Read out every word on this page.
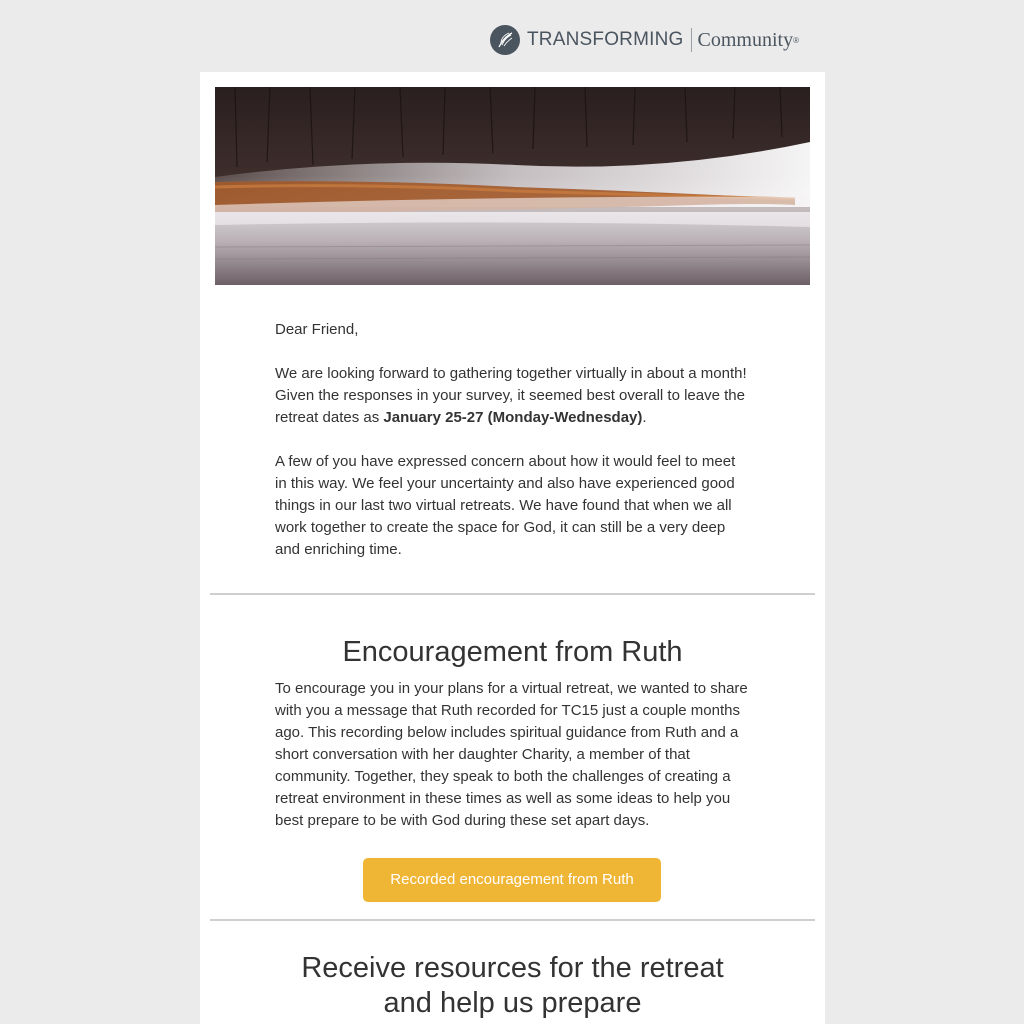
TRANSFORMING Community ®

Dear Friend,

We are looking forward to gathering together virtually in about a month! Given the responses in your survey, it seemed best overall to leave the retreat dates as January 25-27 (Monday-Wednesday).

A few of you have expressed concern about how it would feel to meet in this way. We feel your uncertainty and also have experienced good things in our last two virtual retreats. We have found that when we all work together to create the space for God, it can still be a very deep and enriching time.

Encouragement from Ruth

To encourage you in your plans for a virtual retreat, we wanted to share with you a message that Ruth recorded for TC15 just a couple months ago. This recording below includes spiritual guidance from Ruth and a short conversation with her daughter Charity, a member of that community. Together, they speak to both the challenges of creating a retreat environment in these times as well as some ideas to help you best prepare to be with God during these set apart days.

Recorded encouragement from Ruth
Receive resources for the retreat
and help us prepare
